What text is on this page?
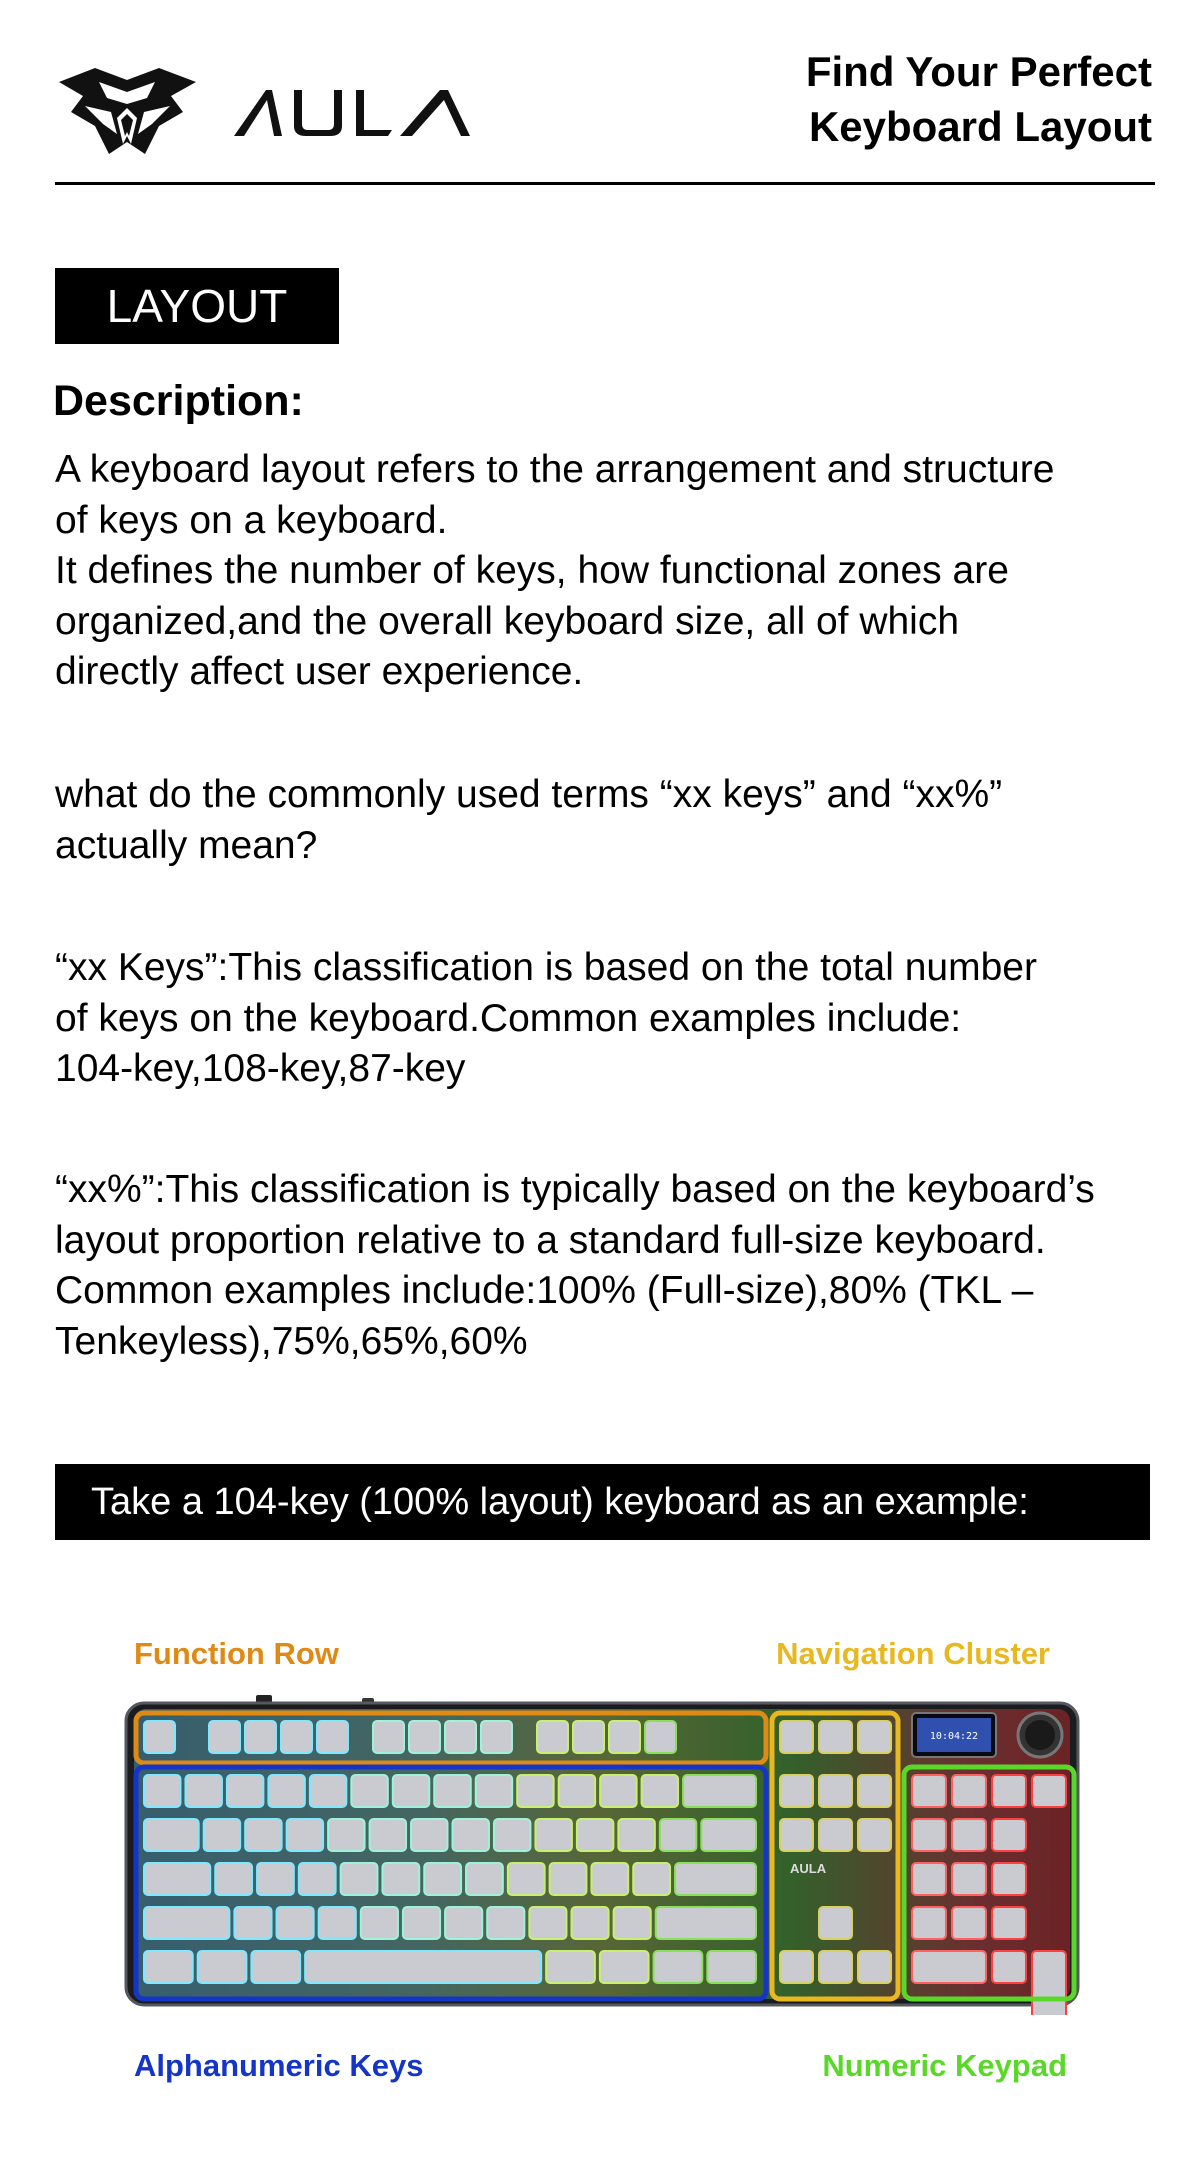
Find Your Perfect
Keyboard Layout
LAYOUT
Description:
A keyboard layout refers to the arrangement and structure
of keys on a keyboard.
It defines the number of keys, how functional zones are
organized,and the overall keyboard size, all of which
directly affect user experience.
what do the commonly used terms “xx keys” and “xx%”
actually mean?
“xx Keys”:This classification is based on the total number
of keys on the keyboard.Common examples include:
104-key,108-key,87-key
“xx%”:This classification is typically based on the keyboard’s
layout proportion relative to a standard full-size keyboard.
Common examples include:100% (Full-size),80% (TKL –
Tenkeyless),75%,65%,60%
Take a 104-key (100% layout) keyboard as an example:
Function Row	Navigation Cluster
Alphanumeric Keys	Numeric Keypad
10:04:22
AULA
